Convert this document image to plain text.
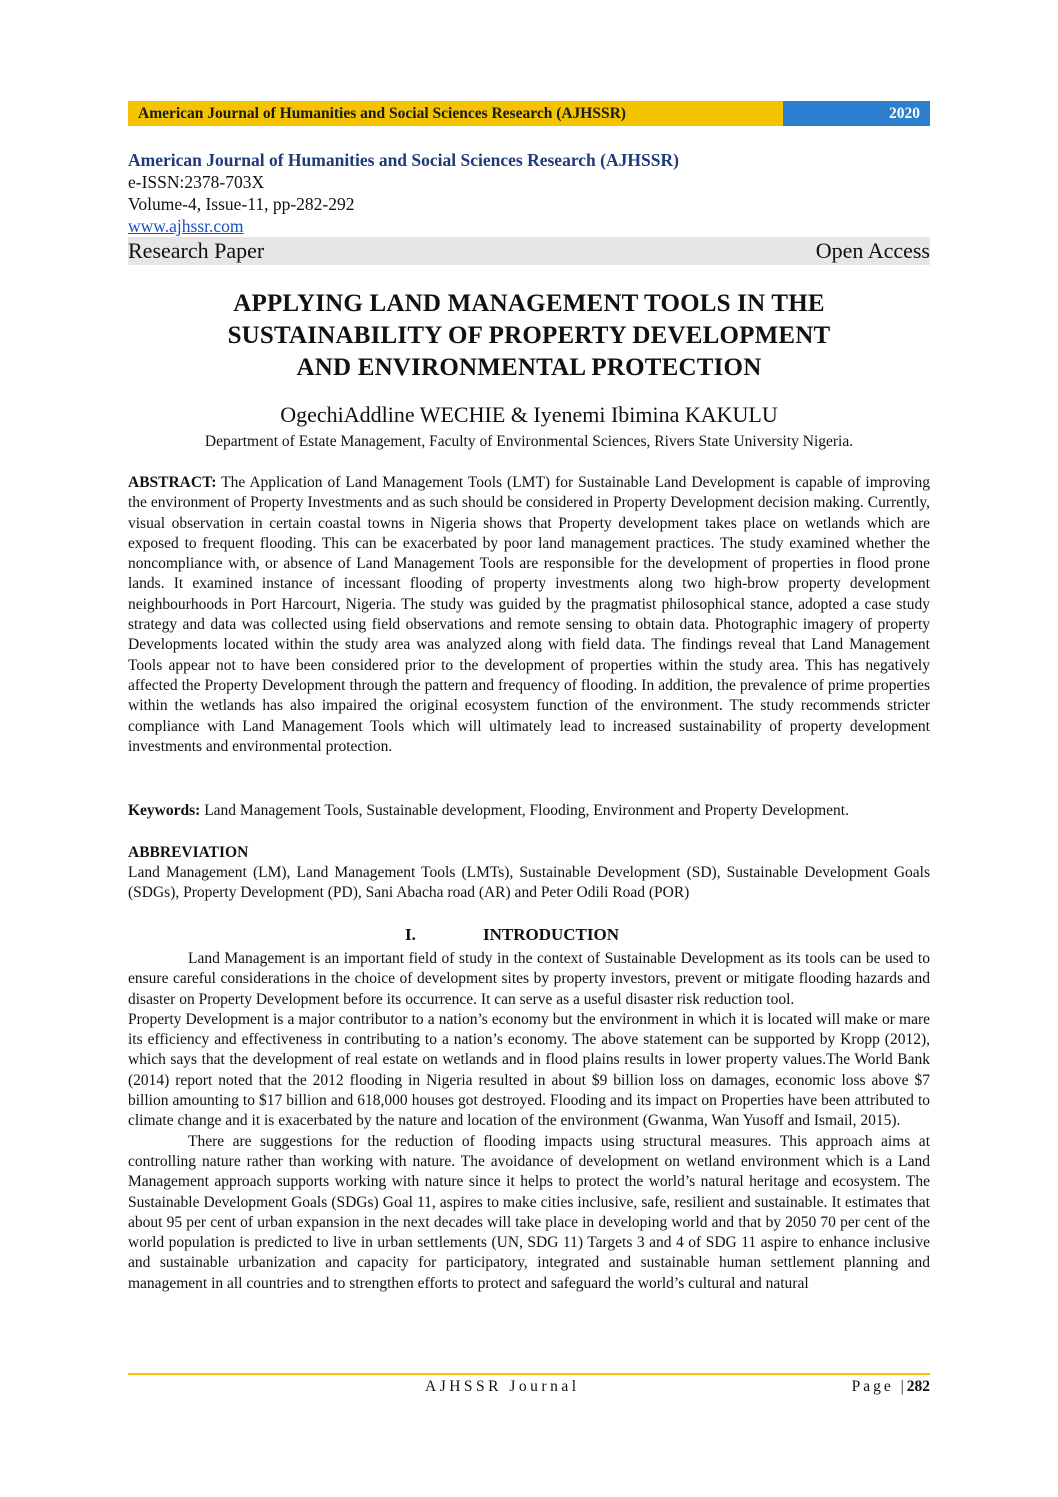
American Journal of Humanities and Social Sciences Research (AJHSSR)	2020
American Journal of Humanities and Social Sciences Research (AJHSSR)
e-ISSN:2378-703X
Volume-4, Issue-11, pp-282-292
www.ajhssr.com
Research Paper	Open Access
APPLYING LAND MANAGEMENT TOOLS IN THE
SUSTAINABILITY OF PROPERTY DEVELOPMENT
AND ENVIRONMENTAL PROTECTION
OgechiAddline WECHIE & Iyenemi Ibimina KAKULU
Department of Estate Management, Faculty of Environmental Sciences, Rivers State University Nigeria.
ABSTRACT: The Application of Land Management Tools (LMT) for Sustainable Land Development is capable of improving the environment of Property Investments and as such should be considered in Property Development decision making. Currently, visual observation in certain coastal towns in Nigeria shows that Property development takes place on wetlands which are exposed to frequent flooding. This can be exacerbated by poor land management practices. The study examined whether the noncompliance with, or absence of Land Management Tools are responsible for the development of properties in flood prone lands. It examined instance of incessant flooding of property investments along two high-brow property development neighbourhoods in Port Harcourt, Nigeria. The study was guided by the pragmatist philosophical stance, adopted a case study strategy and data was collected using field observations and remote sensing to obtain data. Photographic imagery of property Developments located within the study area was analyzed along with field data. The findings reveal that Land Management Tools appear not to have been considered prior to the development of properties within the study area. This has negatively affected the Property Development through the pattern and frequency of flooding. In addition, the prevalence of prime properties within the wetlands has also impaired the original ecosystem function of the environment. The study recommends stricter compliance with Land Management Tools which will ultimately lead to increased sustainability of property development investments and environmental protection.
Keywords: Land Management Tools, Sustainable development, Flooding, Environment and Property Development.
ABBREVIATION
Land Management (LM), Land Management Tools (LMTs), Sustainable Development (SD), Sustainable Development Goals (SDGs), Property Development (PD), Sani Abacha road (AR) and Peter Odili Road (POR)
I.	INTRODUCTION

Land Management is an important field of study in the context of Sustainable Development as its tools can be used to ensure careful considerations in the choice of development sites by property investors, prevent or mitigate flooding hazards and disaster on Property Development before its occurrence. It can serve as a useful disaster risk reduction tool.

Property Development is a major contributor to a nation’s economy but the environment in which it is located will make or mare its efficiency and effectiveness in contributing to a nation’s economy. The above statement can be supported by Kropp (2012), which says that the development of real estate on wetlands and in flood plains results in lower property values.The World Bank (2014) report noted that the 2012 flooding in Nigeria resulted in about $9 billion loss on damages, economic loss above $7 billion amounting to $17 billion and 618,000 houses got destroyed. Flooding and its impact on Properties have been attributed to climate change and it is exacerbated by the nature and location of the environment (Gwanma, Wan Yusoff and Ismail, 2015).

There are suggestions for the reduction of flooding impacts using structural measures. This approach aims at controlling nature rather than working with nature. The avoidance of development on wetland environment which is a Land Management approach supports working with nature since it helps to protect the world’s natural heritage and ecosystem. The Sustainable Development Goals (SDGs) Goal 11, aspires to make cities inclusive, safe, resilient and sustainable. It estimates that about 95 per cent of urban expansion in the next decades will take place in developing world and that by 2050 70 per cent of the world population is predicted to live in urban settlements (UN, SDG 11) Targets 3 and 4 of SDG 11 aspire to enhance inclusive and sustainable urbanization and capacity for participatory, integrated and sustainable human settlement planning and management in all countries and to strengthen efforts to protect and safeguard the world’s cultural and natural

AJHSSR Journal	Page |282
